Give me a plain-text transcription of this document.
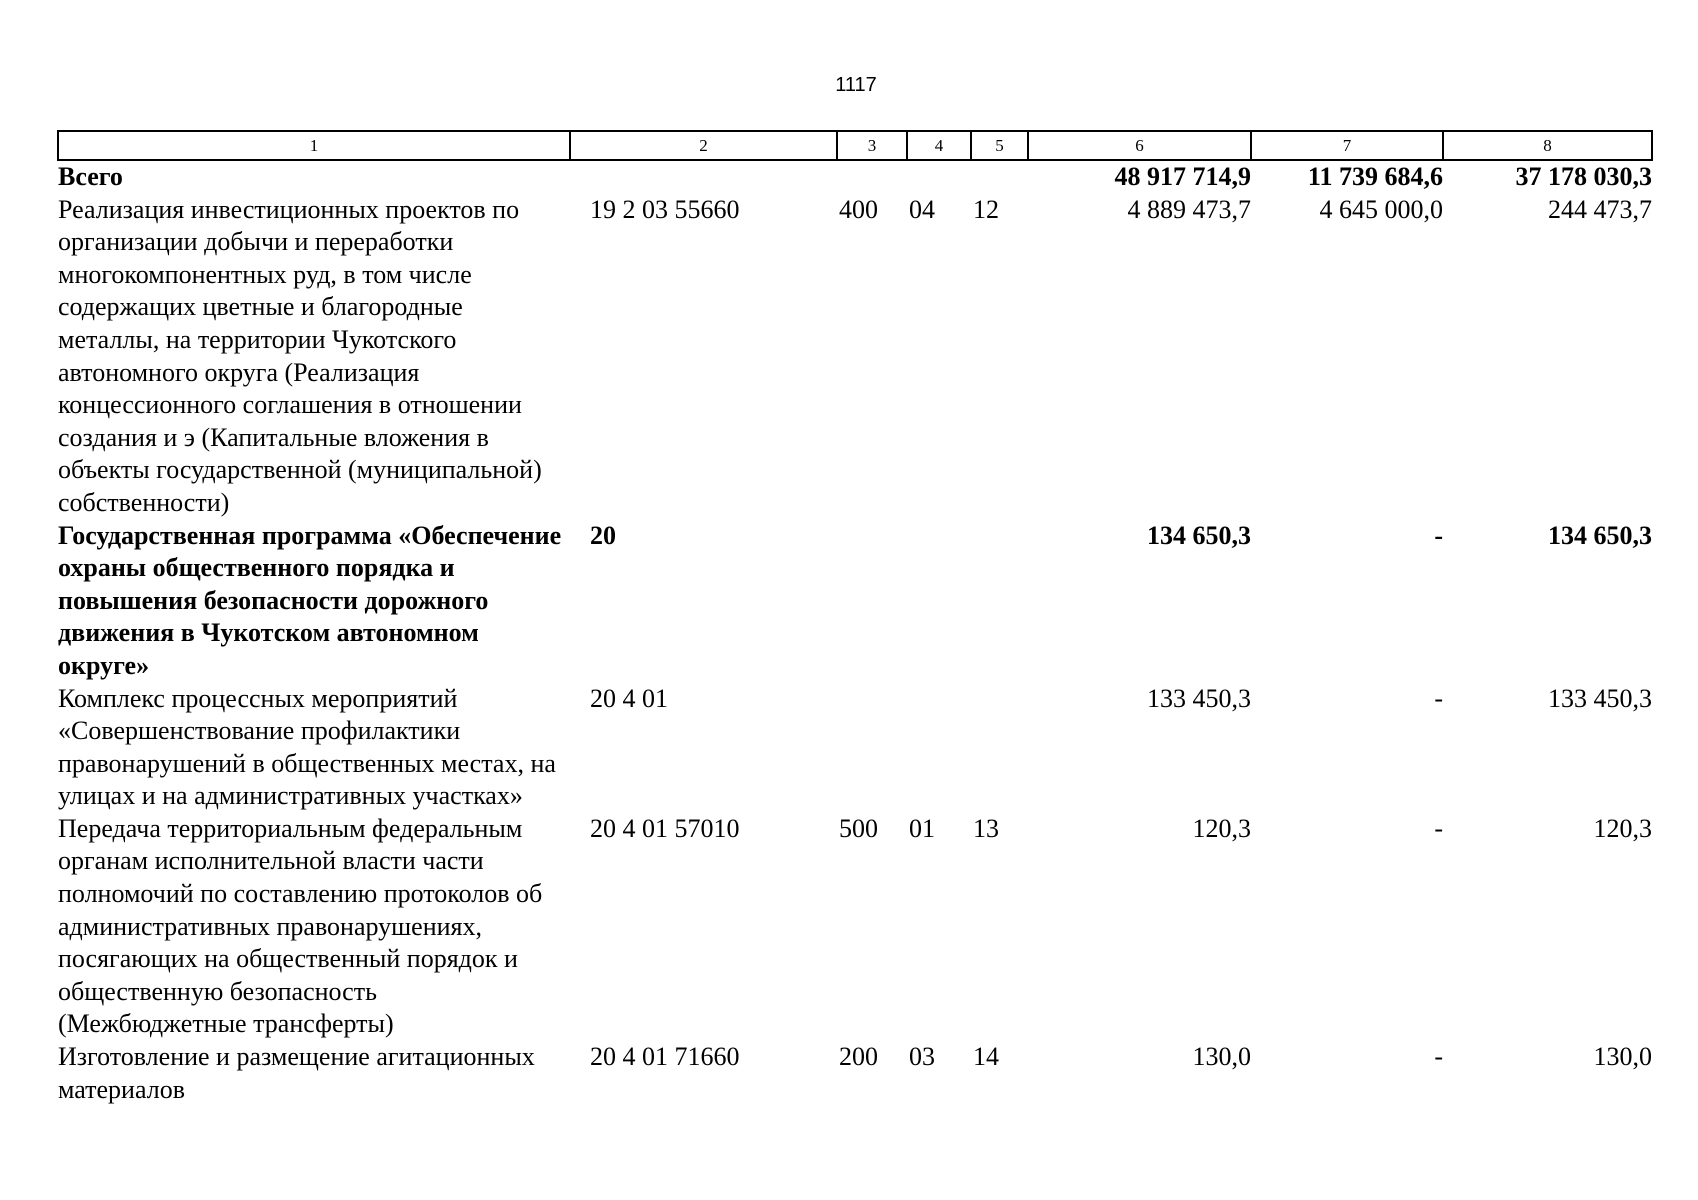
1117
1	2	3	4	5	6	7	8
Всего					48 917 714,9	11 739 684,6	37 178 030,3
Реализация инвестиционных проектов по организации добычи и переработки многокомпонентных руд, в том числе содержащих цветные и благородные металлы, на территории Чукотского автономного округа (Реализация концессионного соглашения в отношении создания и э (Капитальные вложения в объекты государственной (муниципальной) собственности)	19 2 03 55660	400	04	12	4 889 473,7	4 645 000,0	244 473,7
Государственная программа «Обеспечение охраны общественного порядка и повышения безопасности дорожного движения в Чукотском автономном округе»	20				134 650,3	-	134 650,3
Комплекс процессных мероприятий «Совершенствование профилактики правонарушений в общественных местах, на улицах и на административных участках»	20 4 01				133 450,3	-	133 450,3
Передача территориальным федеральным органам исполнительной власти части полномочий по составлению протоколов об административных правонарушениях, посягающих на общественный порядок и общественную безопасность (Межбюджетные трансферты)	20 4 01 57010	500	01	13	120,3	-	120,3
Изготовление и размещение агитационных материалов	20 4 01 71660	200	03	14	130,0	-	130,0
